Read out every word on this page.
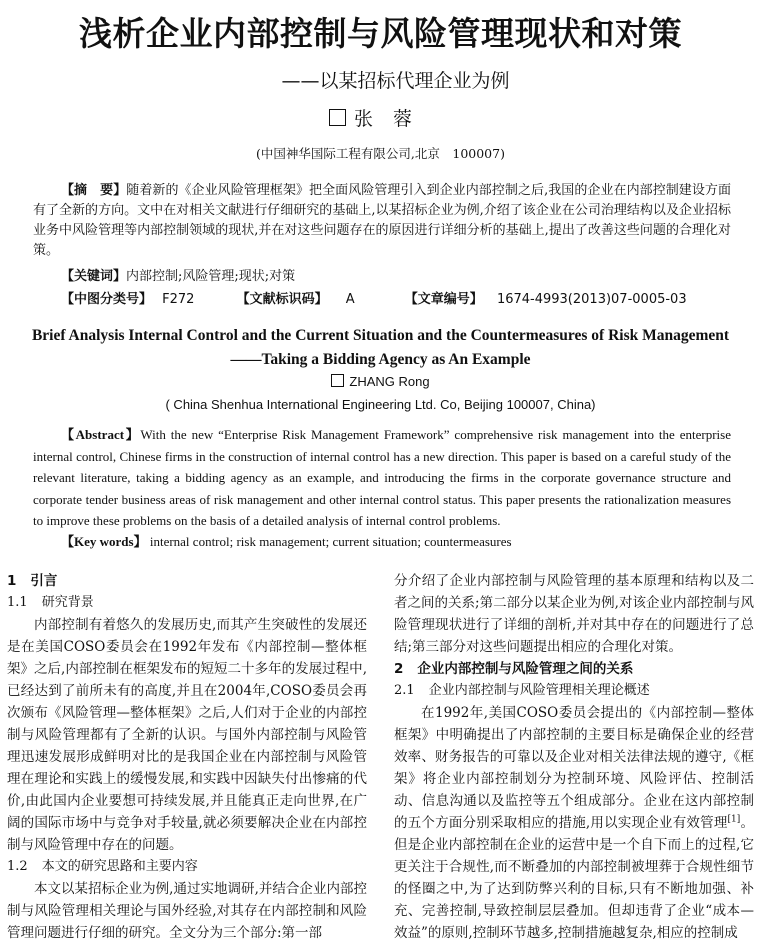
浅析企业内部控制与风险管理现状和对策
——以某招标代理企业为例
张蓉
(中国神华国际工程有限公司,北京　100007)
【摘　要】随着新的《企业风险管理框架》把全面风险管理引入到企业内部控制之后,我国的企业在内部控制建设方面有了全新的方向。文中在对相关文献进行仔细研究的基础上,以某招标企业为例,介绍了该企业在公司治理结构以及企业招标业务中风险管理等内部控制领域的现状,并在对这些问题存在的原因进行详细分析的基础上,提出了改善这些问题的合理化对策。
【关键词】内部控制;风险管理;现状;对策
【中图分类号】 F272	【文献标识码】 A	【文章编号】 1674-4993(2013)07-0005-03
Brief Analysis Internal Control and the Current Situation and the Countermeasures of Risk Management
——Taking a Bidding Agency as An Example
ZHANG Rong
( China Shenhua International Engineering Ltd. Co, Beijing 100007, China)
【Abstract】With the new “Enterprise Risk Management Framework” comprehensive risk management into the enterprise internal control, Chinese firms in the construction of internal control has a new direction. This paper is based on a careful study of the relevant literature, taking a bidding agency as an example, and introducing the firms in the corporate governance structure and corporate tender business areas of risk management and other internal control status. This paper presents the rationalization measures to improve these problems on the basis of a detailed analysis of internal control problems.
【Key words】 internal control; risk management; current situation; countermeasures
1 引言
1.1 研究背景

内部控制有着悠久的发展历史,而其产生突破性的发展还是在美国COSO委员会在1992年发布《内部控制—整体框架》之后,内部控制在框架发布的短短二十多年的发展过程中,已经达到了前所未有的高度,并且在2004年,COSO委员会再次颁布《风险管理—整体框架》之后,人们对于企业的内部控制与风险管理都有了全新的认识。与国外内部控制与风险管理迅速发展形成鲜明对比的是我国企业在内部控制与风险管理在理论和实践上的缓慢发展,和实践中因缺失付出惨痛的代价,由此国内企业要想可持续发展,并且能真正走向世界,在广阔的国际市场中与竞争对手较量,就必须要解决企业在内部控制与风险管理中存在的问题。

1.2 本文的研究思路和主要内容

本文以某招标企业为例,通过实地调研,并结合企业内部控制与风险管理相关理论与国外经验,对其存在内部控制和风险管理问题进行仔细的研究。全文分为三个部分:第一部

分介绍了企业内部控制与风险管理的基本原理和结构以及二者之间的关系;第二部分以某企业为例,对该企业内部控制与风险管理现状进行了详细的剖析,并对其中存在的问题进行了总结;第三部分对这些问题提出相应的合理化对策。

2 企业内部控制与风险管理之间的关系
2.1 企业内部控制与风险管理相关理论概述

在1992年,美国COSO委员会提出的《内部控制—整体框架》中明确提出了内部控制的主要目标是确保企业的经营效率、财务报告的可靠以及企业对相关法律法规的遵守,《框架》将企业内部控制划分为控制环境、风险评估、控制活动、信息沟通以及监控等五个组成部分。企业在这内部控制的五个方面分别采取相应的措施,用以实现企业有效管理[1]。但是企业内部控制在企业的运营中是一个自下而上的过程,它更关注于合规性,而不断叠加的内部控制被埋葬于合规性细节的怪圈之中,为了达到防弊兴利的目标,只有不断地加强、补充、完善控制,导致控制层层叠加。但却违背了企业“成本—效益”的原则,控制环节越多,控制措施越复杂,相应的控制成
